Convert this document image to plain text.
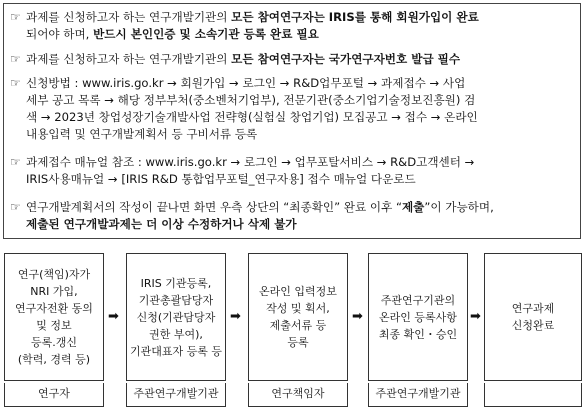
☞ 과제를 신청하고자 하는 연구개발기관의 모든 참여연구자는 IRIS를 통해 회원가입이 완료
되어야 하며, 반드시 본인인증 및 소속기관 등록 완료 필요
☞ 과제를 신청하고자 하는 연구개발기관의 모든 참여연구자는 국가연구자번호 발급 필수
☞ 신청방법 : www.iris.go.kr → 회원가입 → 로그인 → R&D업무포털 → 과제접수 → 사업
세부 공고 목록 → 해당 정부부처(중소벤처기업부), 전문기관(중소기업기술정보진흥원) 검
색 → 2023년 창업성장기술개발사업 전략형(실험실 창업기업) 모집공고 → 접수 → 온라인
내용입력 및 연구개발계획서 등 구비서류 등록
☞ 과제접수 매뉴얼 참조 : www.iris.go.kr → 로그인 → 업무포탈서비스 → R&D고객센터 →
IRIS사용매뉴얼 → [IRIS R&D 통합업무포털_연구자용] 접수 매뉴얼 다운로드
☞ 연구개발계획서의 작성이 끝나면 화면 우측 상단의 “최종확인” 완료 이후 “제출”이 가능하며,
제출된 연구개발과제는 더 이상 수정하거나 삭제 불가
연구(책임)자가
NRI 가입,
연구자전환 동의
및 정보
등록.갱신
(학력, 경력 등)
➡
IRIS 기관등록,
기관총괄담당자
신청(기관담당자
권한 부여),
기관대표자 등록 등
➡
온라인 입력정보
작성 및 획서,
제출서류 등
등록
➡
주관연구기관의
온라인 등록사항
최종 확인・승인
➡
연구과제
신청완료
연구자	주관연구개발기관	연구책임자	주관연구개발기관
